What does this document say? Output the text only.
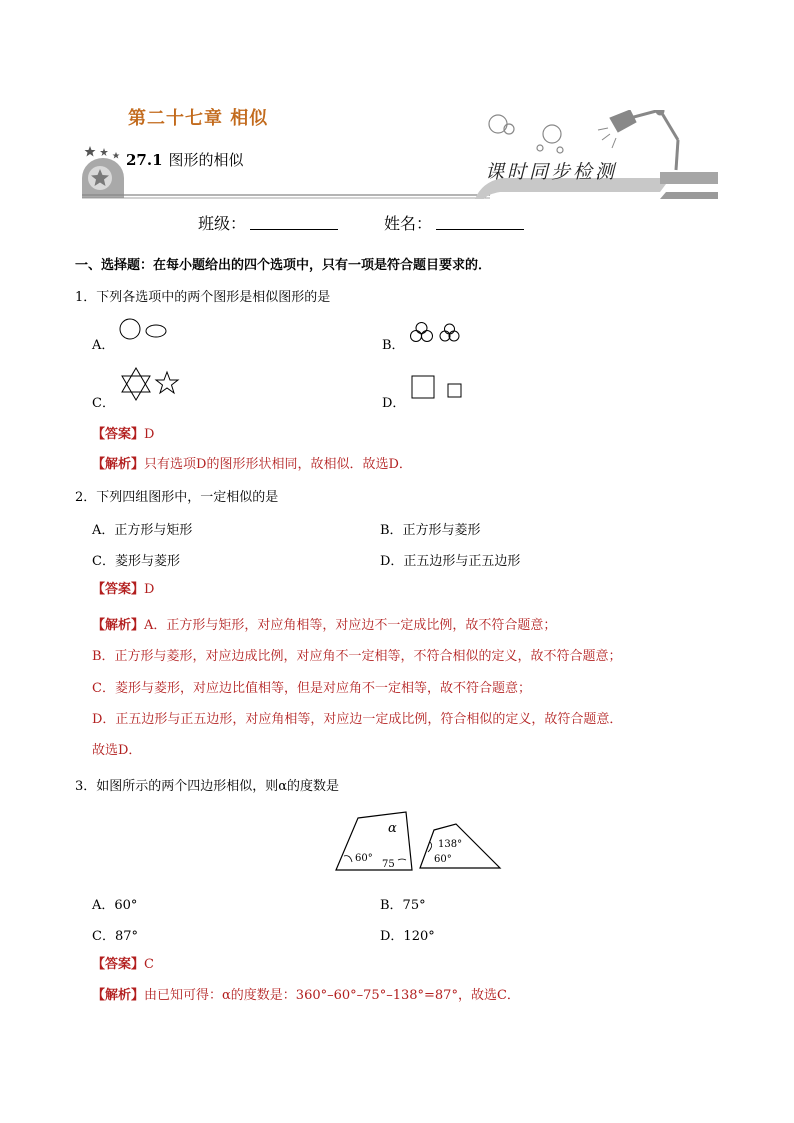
第二十七章 相似
27.1 图形的相似
课时同步检测
班级：	姓名：
一、选择题：在每小题给出的四个选项中，只有一项是符合题目要求的．
1．下列各选项中的两个图形是相似图形的是
A．	B．
C．	D．
【答案】D
【解析】只有选项D的图形形状相同，故相似．故选D．
2．下列四组图形中，一定相似的是
A．正方形与矩形	B．正方形与菱形
C．菱形与菱形	D．正五边形与正五边形
【答案】D
【解析】A．正方形与矩形，对应角相等，对应边不一定成比例，故不符合题意；
B．正方形与菱形，对应边成比例，对应角不一定相等，不符合相似的定义，故不符合题意；
C．菱形与菱形，对应边比值相等，但是对应角不一定相等，故不符合题意；
D．正五边形与正五边形，对应角相等，对应边一定成比例，符合相似的定义，故符合题意．
故选D．
3．如图所示的两个四边形相似，则α的度数是
α
60°
75
138°
60°
A．60°	B．75°
C．87°	D．120°
【答案】C
【解析】由已知可得：α的度数是：360°–60°–75°–138°=87°，故选C．
